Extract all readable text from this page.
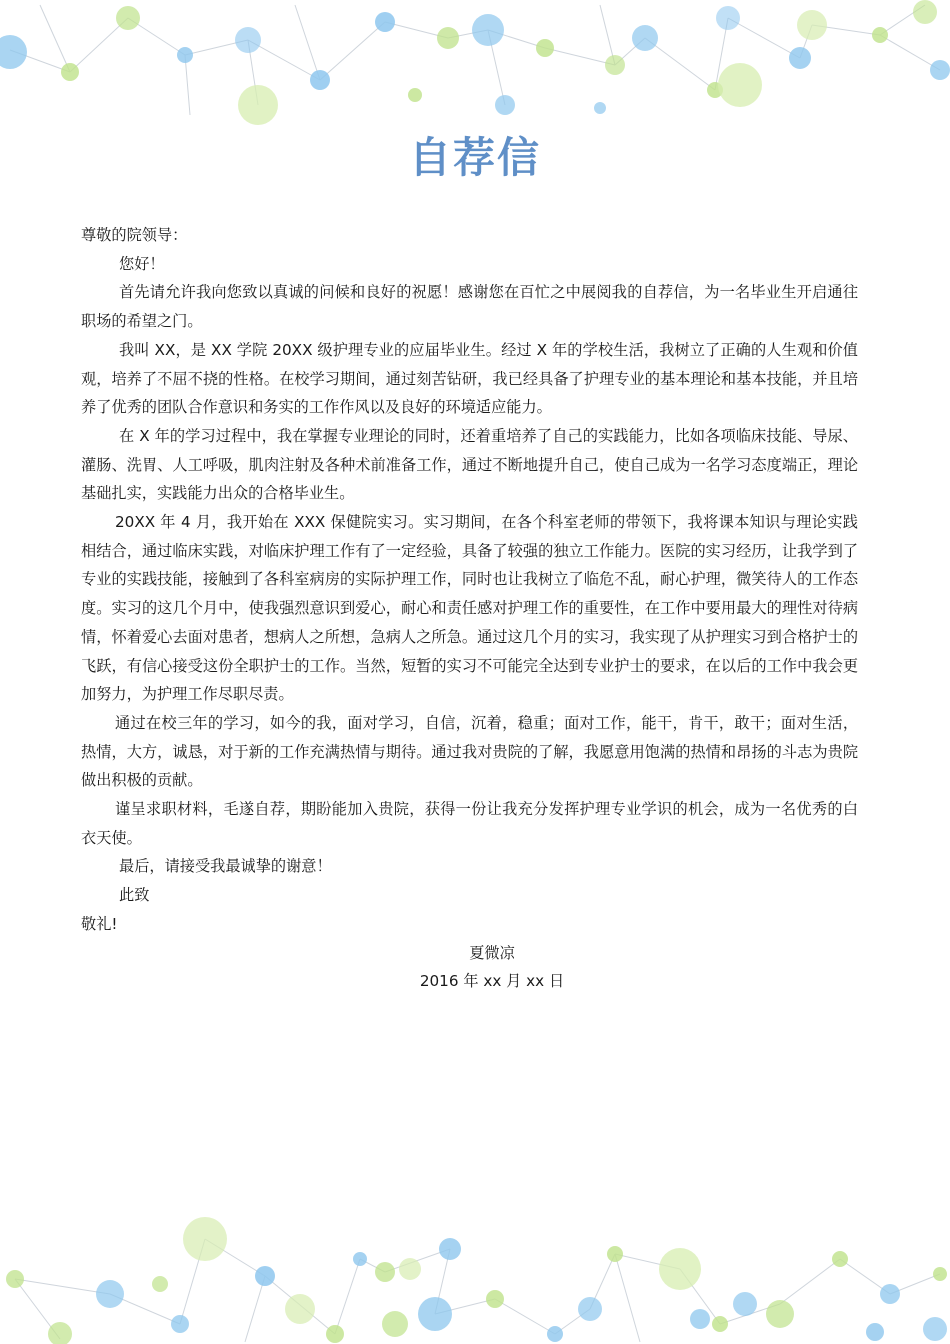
自荐信

尊敬的院领导：

您好！

首先请允许我向您致以真诚的问候和良好的祝愿！感谢您在百忙之中展阅我的自荐信，为一名毕业生开启通往职场的希望之门。

我叫 XX，是 XX 学院 20XX 级护理专业的应届毕业生。经过 X 年的学校生活，我树立了正确的人生观和价值观，培养了不屈不挠的性格。在校学习期间，通过刻苦钻研，我已经具备了护理专业的基本理论和基本技能，并且培养了优秀的团队合作意识和务实的工作作风以及良好的环境适应能力。

在 X 年的学习过程中，我在掌握专业理论的同时，还着重培养了自己的实践能力，比如各项临床技能、导尿、灌肠、洗胃、人工呼吸，肌肉注射及各种术前准备工作，通过不断地提升自己，使自己成为一名学习态度端正，理论基础扎实，实践能力出众的合格毕业生。

20XX 年 4 月，我开始在 XXX 保健院实习。实习期间，在各个科室老师的带领下，我将课本知识与理论实践相结合，通过临床实践，对临床护理工作有了一定经验，具备了较强的独立工作能力。医院的实习经历，让我学到了专业的实践技能，接触到了各科室病房的实际护理工作，同时也让我树立了临危不乱，耐心护理，微笑待人的工作态度。实习的这几个月中，使我强烈意识到爱心，耐心和责任感对护理工作的重要性，在工作中要用最大的理性对待病情，怀着爱心去面对患者，想病人之所想，急病人之所急。通过这几个月的实习，我实现了从护理实习到合格护士的飞跃，有信心接受这份全职护士的工作。当然，短暂的实习不可能完全达到专业护士的要求，在以后的工作中我会更加努力，为护理工作尽职尽责。

通过在校三年的学习，如今的我，面对学习，自信，沉着，稳重；面对工作，能干，肯干，敢干；面对生活，热情，大方，诚恳，对于新的工作充满热情与期待。通过我对贵院的了解，我愿意用饱满的热情和昂扬的斗志为贵院做出积极的贡献。

谨呈求职材料，毛遂自荐，期盼能加入贵院，获得一份让我充分发挥护理专业学识的机会，成为一名优秀的白衣天使。

最后，请接受我最诚挚的谢意！

此致

敬礼!

夏微凉

2016 年 xx 月 xx 日
